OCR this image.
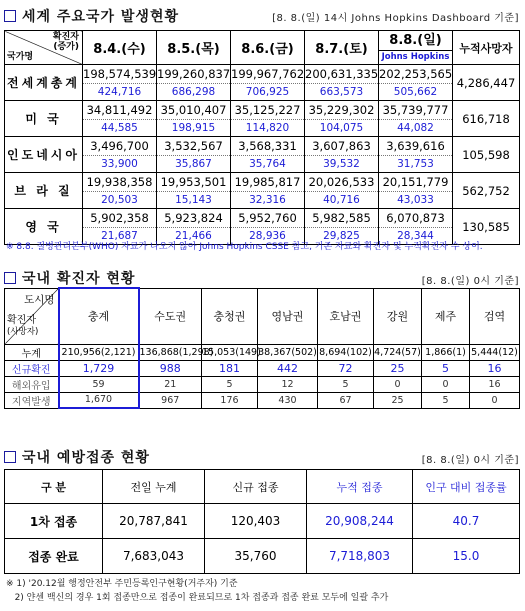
세계 주요국가 발생현황	[8. 8.(일) 14시 Johns Hopkins Dashboard 기준]
확진자
(증가)
국가명	8.4.(수)	8.5.(목)	8.6.(금)	8.7.(토)	8.8.(일)
Johns Hopkins	누적사망자
전세계총계	198,574,539	199,260,837	199,967,762	200,631,335	202,253,565	4,286,447
	424,716	686,298	706,925	663,573	505,662	
미 국	34,811,492	35,010,407	35,125,227	35,229,302	35,739,777	616,718
	44,585	198,915	114,820	104,075	44,082	
인도네시아	3,496,700	3,532,567	3,568,331	3,607,863	3,639,616	105,598
	33,900	35,867	35,764	39,532	31,753	
브 라 질	19,938,358	19,953,501	19,985,817	20,026,533	20,151,779	562,752
	20,503	15,143	32,316	40,716	43,033	
영 국	5,902,358	5,923,824	5,952,760	5,982,585	6,070,873	130,585
	21,687	21,466	28,936	29,825	28,344	
※ 8.8. 질병관리본부(WHO) 자료가 나오지 않아 Johns Hopkins CSSE 참고, 기존 자료와 확진자 및 누적확진자 수 상이.
국내 확진자 현황	[8. 8.(일) 0시 기준]
도시명
확진자
(사망자)	충계	수도권	충청권	영남권	호남권	강원	제주	검역
누계	210,956(2,121)	136,868(1,298)	15,053(149)	38,367(502)	8,694(102)	4,724(57)	1,866(1)	5,444(12)
신규확진	1,729	988	181	442	72	25	5	16
해외유입	59	21	5	12	5	0	0	16
지역발생	1,670	967	176	430	67	25	5	0
국내 예방접종 현황	[8. 8.(일) 0시 기준]
구 분	전일 누계	신규 접종	누적 접종	인구 대비 접종률
1차 접종	20,787,841	120,403	20,908,244	40.7
접종 완료	7,683,043	35,760	7,718,803	15.0
※ 1) '20.12월 행정안전부 주민등록인구현황(거주자) 기준
2) 얀센 백신의 경우 1회 접종만으로 접종이 완료되므로 1차 접종과 접종 완료 모두에 일괄 추가
